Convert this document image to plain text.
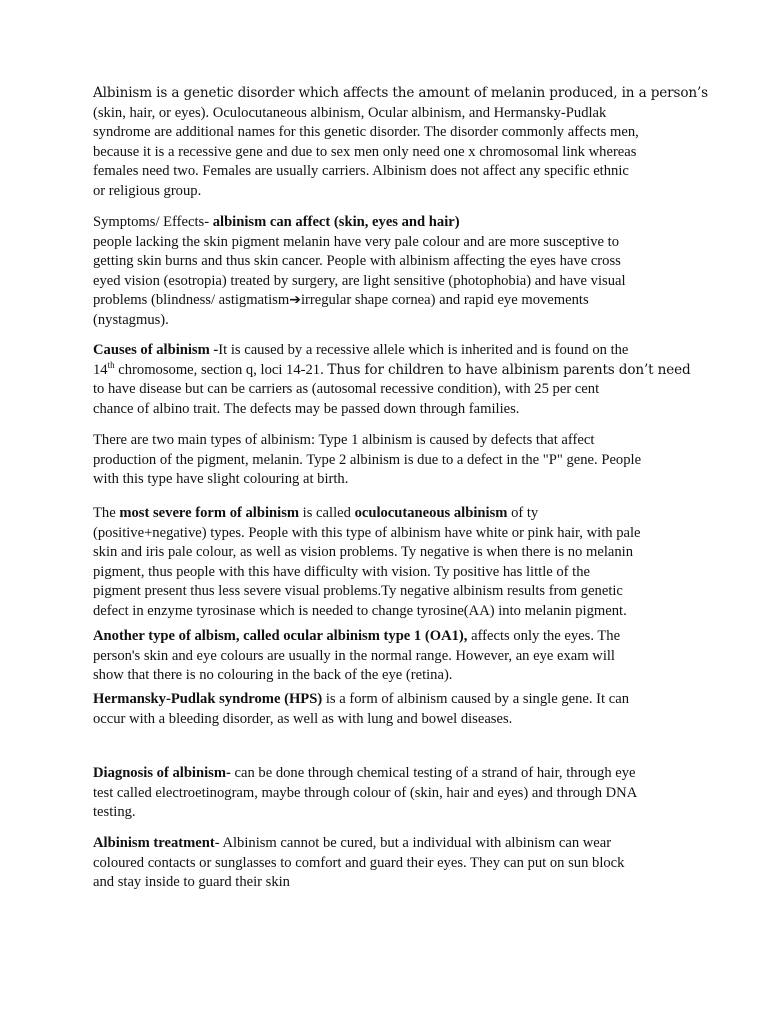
Albinism is a genetic disorder which affects the amount of melanin produced, in a person’s
(skin, hair, or eyes). Oculocutaneous albinism, Ocular albinism, and Hermansky-Pudlak
syndrome are additional names for this genetic disorder. The disorder commonly affects men,
because it is a recessive gene and due to sex men only need one x chromosomal link whereas
females need two. Females are usually carriers. Albinism does not affect any specific ethnic
or religious group.

Symptoms/ Effects- albinism can affect (skin, eyes and hair)
people lacking the skin pigment melanin have very pale colour and are more susceptive to
getting skin burns and thus skin cancer. People with albinism affecting the eyes have cross
eyed vision (esotropia) treated by surgery, are light sensitive (photophobia) and have visual
problems (blindness/ astigmatism➔irregular shape cornea) and rapid eye movements
(nystagmus).

Causes of albinism -It is caused by a recessive allele which is inherited and is found on the
14th chromosome, section q, loci 14-21. Thus for children to have albinism parents don’t need
to have disease but can be carriers as (autosomal recessive condition), with 25 per cent
chance of albino trait. The defects may be passed down through families.

There are two main types of albinism: Type 1 albinism is caused by defects that affect
production of the pigment, melanin. Type 2 albinism is due to a defect in the "P" gene. People
with this type have slight colouring at birth.

The most severe form of albinism is called oculocutaneous albinism of ty
(positive+negative) types. People with this type of albinism have white or pink hair, with pale
skin and iris pale colour, as well as vision problems. Ty negative is when there is no melanin
pigment, thus people with this have difficulty with vision. Ty positive has little of the
pigment present thus less severe visual problems.Ty negative albinism results from genetic
defect in enzyme tyrosinase which is needed to change tyrosine(AA) into melanin pigment.

Another type of albism, called ocular albinism type 1 (OA1), affects only the eyes. The
person's skin and eye colours are usually in the normal range. However, an eye exam will
show that there is no colouring in the back of the eye (retina).

Hermansky-Pudlak syndrome (HPS) is a form of albinism caused by a single gene. It can
occur with a bleeding disorder, as well as with lung and bowel diseases.

Diagnosis of albinism- can be done through chemical testing of a strand of hair, through eye
test called electroetinogram, maybe through colour of (skin, hair and eyes) and through DNA
testing.

Albinism treatment- Albinism cannot be cured, but a individual with albinism can wear
coloured contacts or sunglasses to comfort and guard their eyes. They can put on sun block
and stay inside to guard their skin
